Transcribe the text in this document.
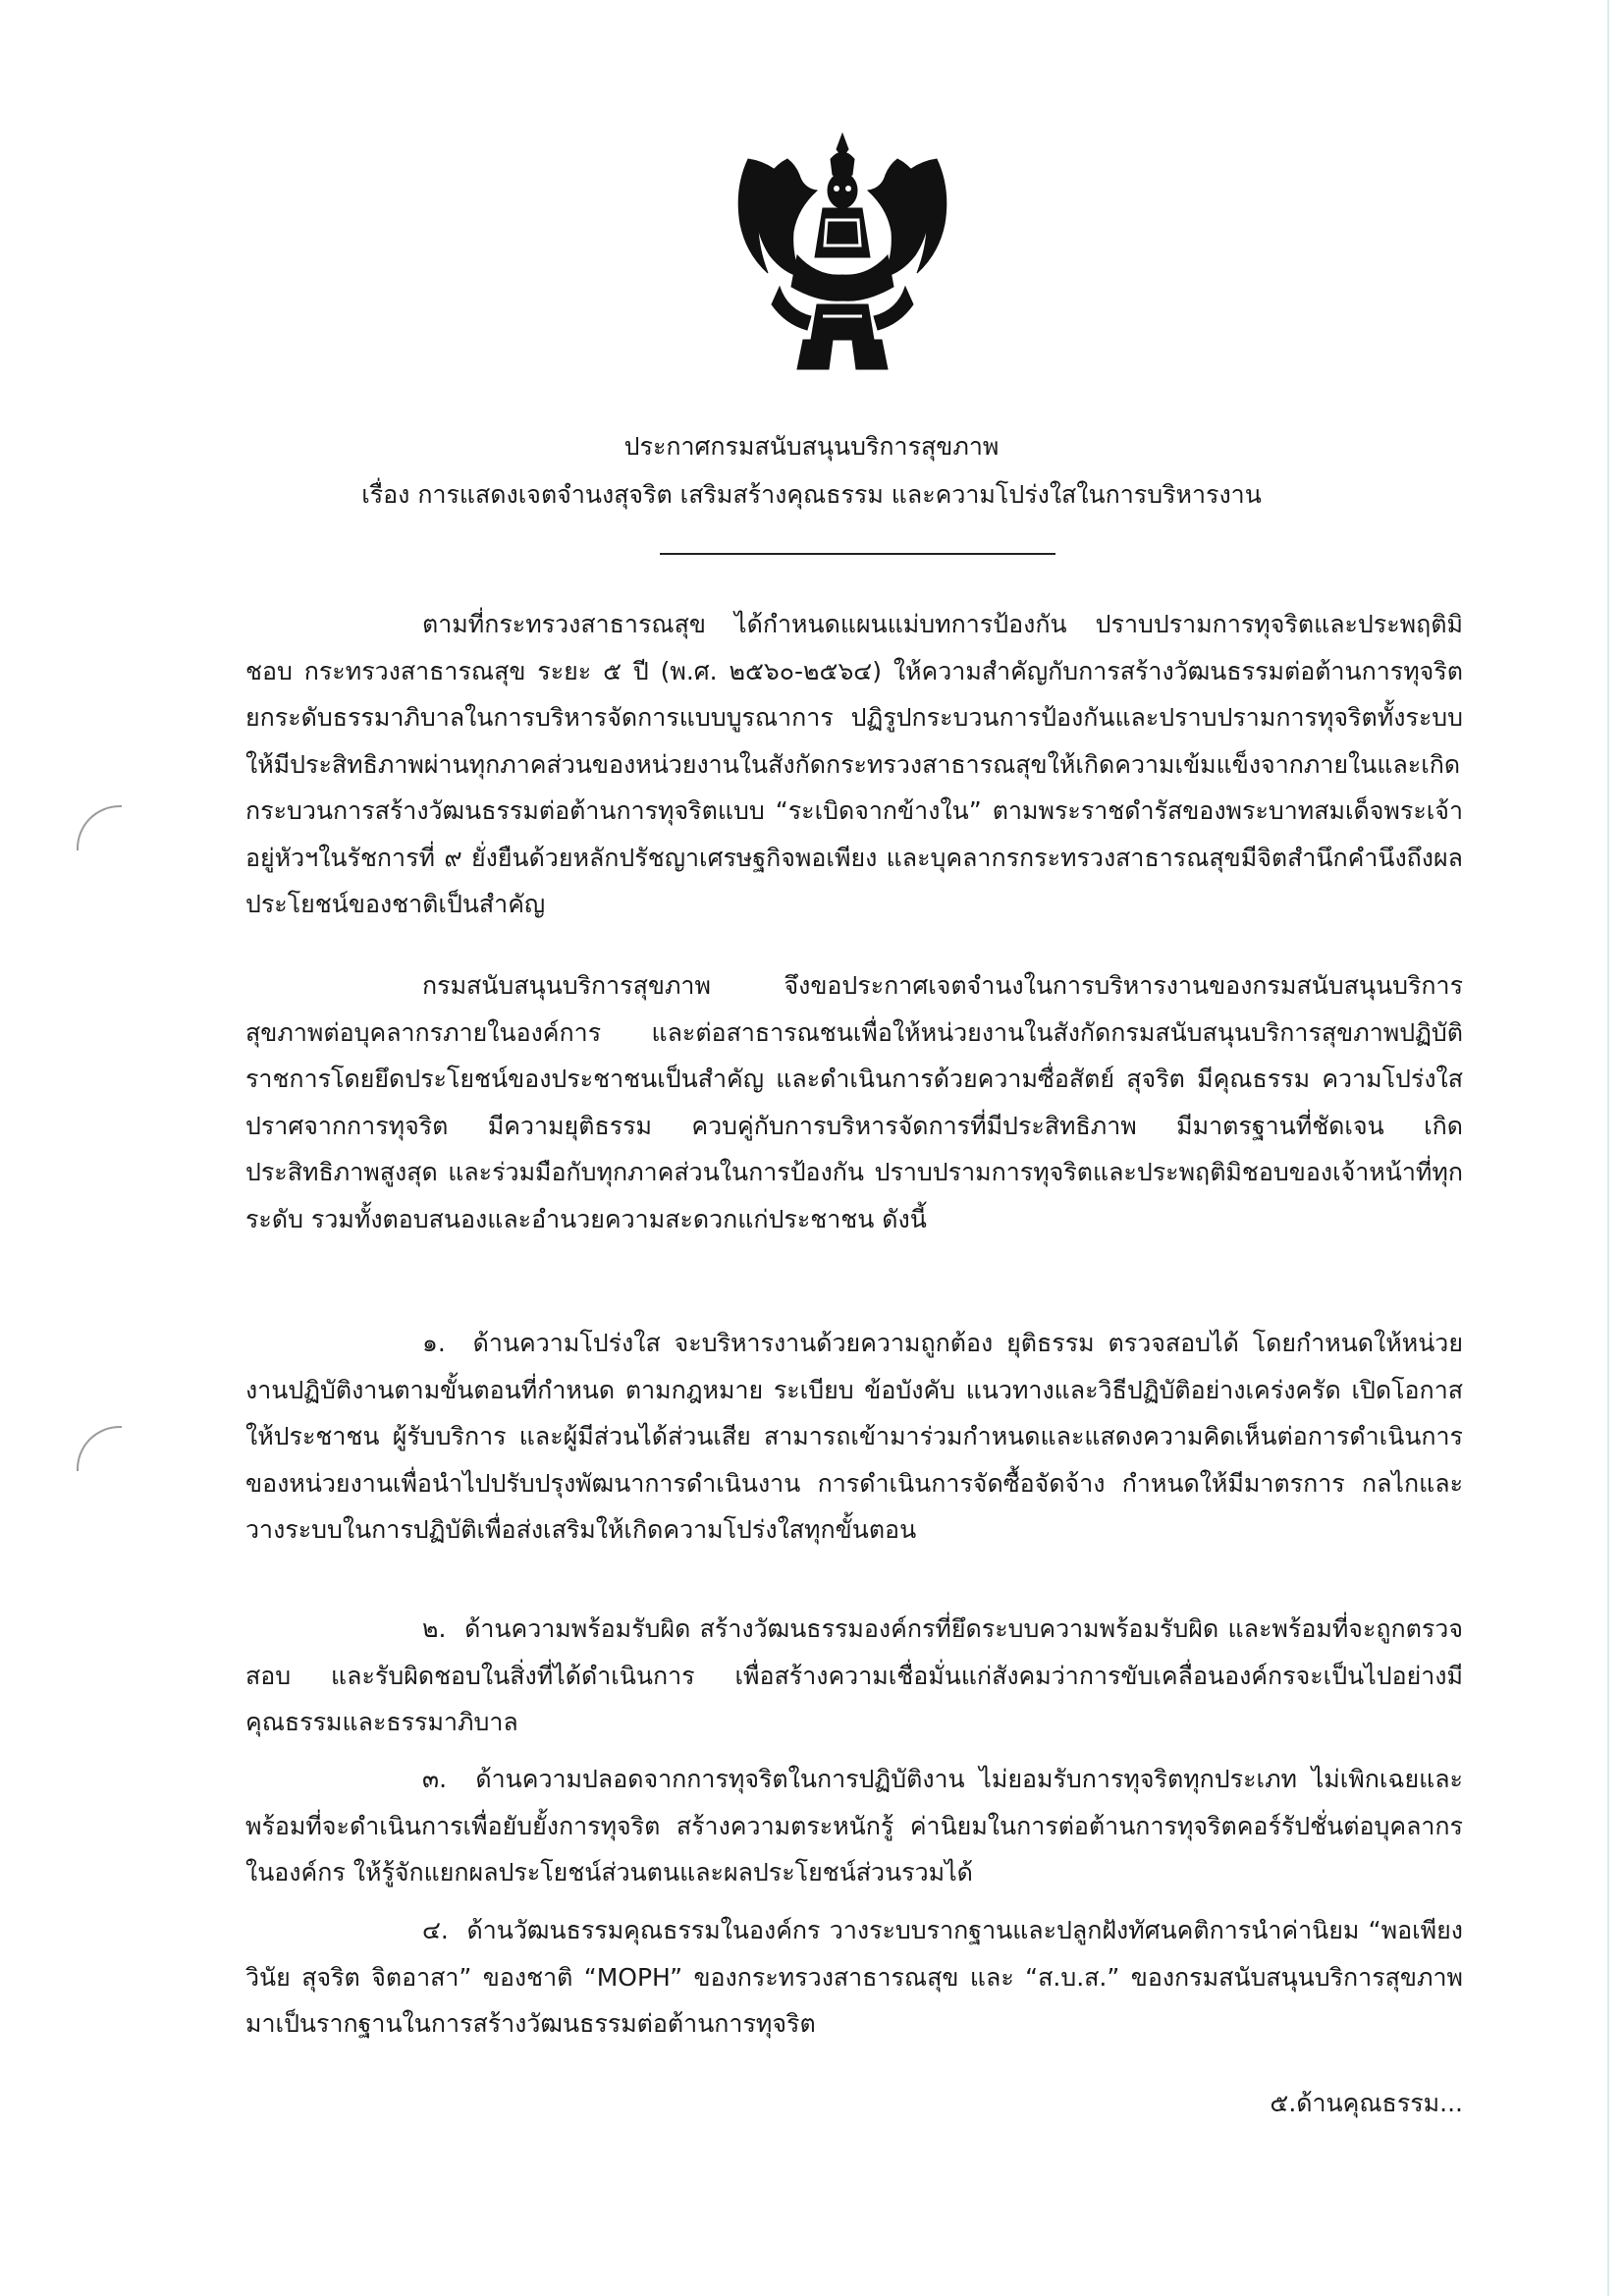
ประกาศกรมสนับสนุนบริการสุขภาพ
เรื่อง การแสดงเจตจำนงสุจริต เสริมสร้างคุณธรรม และความโปร่งใสในการบริหารงาน

ตามที่กระทรวงสาธารณสุข ได้กำหนดแผนแม่บทการป้องกัน ปราบปรามการทุจริตและประพฤติมิชอบ กระทรวงสาธารณสุข ระยะ ๕ ปี (พ.ศ. ๒๕๖๐-๒๕๖๔) ให้ความสำคัญกับการสร้างวัฒนธรรมต่อต้านการทุจริต ยกระดับธรรมาภิบาลในการบริหารจัดการแบบบูรณาการ ปฏิรูปกระบวนการป้องกันและปราบปรามการทุจริตทั้งระบบให้มีประสิทธิภาพผ่านทุกภาคส่วนของหน่วยงานในสังกัดกระทรวงสาธารณสุขให้เกิดความเข้มแข็งจากภายในและเกิดกระบวนการสร้างวัฒนธรรมต่อต้านการทุจริตแบบ “ระเบิดจากข้างใน” ตามพระราชดำรัสของพระบาทสมเด็จพระเจ้าอยู่หัวฯในรัชการที่ ๙ ยั่งยืนด้วยหลักปรัชญาเศรษฐกิจพอเพียง และบุคลากรกระทรวงสาธารณสุขมีจิตสำนึกคำนึงถึงผลประโยชน์ของชาติเป็นสำคัญ

กรมสนับสนุนบริการสุขภาพ จึงขอประกาศเจตจำนงในการบริหารงานของกรมสนับสนุนบริการสุขภาพต่อบุคลากรภายในองค์การ และต่อสาธารณชนเพื่อให้หน่วยงานในสังกัดกรมสนับสนุนบริการสุขภาพปฏิบัติราชการโดยยึดประโยชน์ของประชาชนเป็นสำคัญ และดำเนินการด้วยความซื่อสัตย์ สุจริต มีคุณธรรม ความโปร่งใส ปราศจากการทุจริต มีความยุติธรรม ควบคู่กับการบริหารจัดการที่มีประสิทธิภาพ มีมาตรฐานที่ชัดเจน เกิดประสิทธิภาพสูงสุด และร่วมมือกับทุกภาคส่วนในการป้องกัน ปราบปรามการทุจริตและประพฤติมิชอบของเจ้าหน้าที่ทุกระดับ รวมทั้งตอบสนองและอำนวยความสะดวกแก่ประชาชน ดังนี้

๑. ด้านความโปร่งใส จะบริหารงานด้วยความถูกต้อง ยุติธรรม ตรวจสอบได้ โดยกำหนดให้หน่วยงานปฏิบัติงานตามขั้นตอนที่กำหนด ตามกฎหมาย ระเบียบ ข้อบังคับ แนวทางและวิธีปฏิบัติอย่างเคร่งครัด เปิดโอกาสให้ประชาชน ผู้รับบริการ และผู้มีส่วนได้ส่วนเสีย สามารถเข้ามาร่วมกำหนดและแสดงความคิดเห็นต่อการดำเนินการของหน่วยงานเพื่อนำไปปรับปรุงพัฒนาการดำเนินงาน การดำเนินการจัดซื้อจัดจ้าง กำหนดให้มีมาตรการ กลไกและวางระบบในการปฏิบัติเพื่อส่งเสริมให้เกิดความโปร่งใสทุกขั้นตอน

๒. ด้านความพร้อมรับผิด สร้างวัฒนธรรมองค์กรที่ยึดระบบความพร้อมรับผิด และพร้อมที่จะถูกตรวจสอบ และรับผิดชอบในสิ่งที่ได้ดำเนินการ เพื่อสร้างความเชื่อมั่นแก่สังคมว่าการขับเคลื่อนองค์กรจะเป็นไปอย่างมีคุณธรรมและธรรมาภิบาล

๓. ด้านความปลอดจากการทุจริตในการปฏิบัติงาน ไม่ยอมรับการทุจริตทุกประเภท ไม่เพิกเฉยและพร้อมที่จะดำเนินการเพื่อยับยั้งการทุจริต สร้างความตระหนักรู้ ค่านิยมในการต่อต้านการทุจริตคอร์รัปชั่นต่อบุคลากรในองค์กร ให้รู้จักแยกผลประโยชน์ส่วนตนและผลประโยชน์ส่วนรวมได้

๔. ด้านวัฒนธรรมคุณธรรมในองค์กร วางระบบรากฐานและปลูกฝังทัศนคติการนำค่านิยม “พอเพียง วินัย สุจริต จิตอาสา” ของชาติ “MOPH” ของกระทรวงสาธารณสุข และ “ส.บ.ส.” ของกรมสนับสนุนบริการสุขภาพ มาเป็นรากฐานในการสร้างวัฒนธรรมต่อต้านการทุจริต

๕.ด้านคุณธรรม...
